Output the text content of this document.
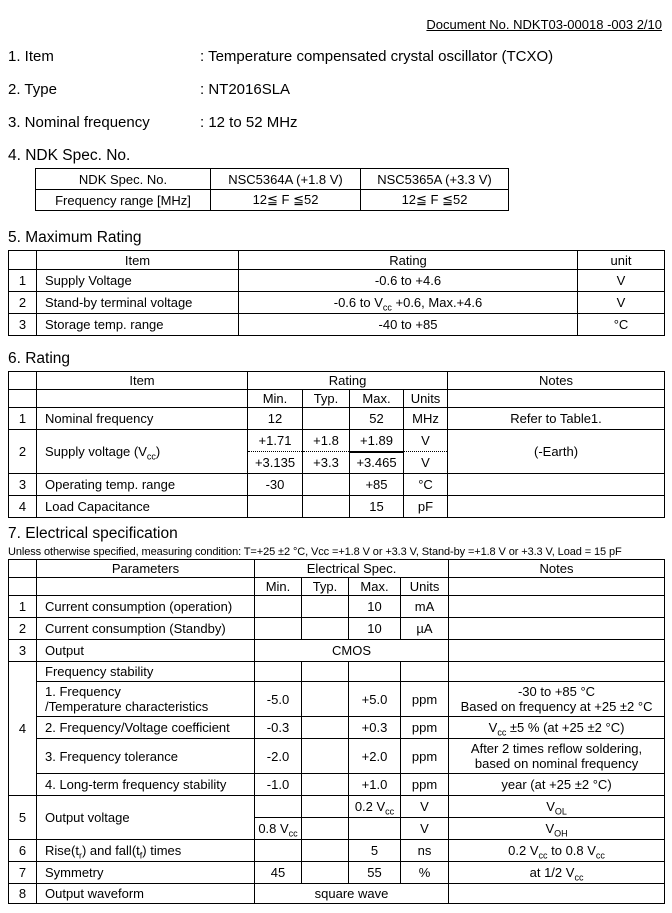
Document No. NDKT03-00018 -003 2/10
1. Item	: Temperature compensated crystal oscillator (TCXO)
2. Type	: NT2016SLA
3. Nominal frequency	: 12 to 52 MHz
4. NDK Spec. No.
NDK Spec. No.	NSC5364A (+1.8 V)	NSC5365A (+3.3 V)
Frequency range [MHz]	12≦ F ≦52	12≦ F ≦52
5. Maximum Rating
	Item	Rating	unit
1	Supply Voltage	-0.6 to +4.6	V
2	Stand-by terminal voltage	-0.6 to $V_{cc} +0.6$, Max.+4.6	V
3	Storage temp. range	-40 to +85	°C
6. Rating
	Item	Rating				Notes
		Min.	Typ.	Max.	Units	
1	Nominal frequency	12		52	MHz	Refer to Table1.
2	Supply voltage $(V_{cc})$	+1.71	+1.8	+1.89	V	(-Earth)
		+3.135	+3.3	+3.465	V	
3	Operating temp. range	-30		+85	°C	
4	Load Capacitance			15	pF	
7. Electrical specification
Unless otherwise specified, measuring condition: T=+25 ±2 °C, Vcc =+1.8 V or +3.3 V, Stand-by =+1.8 V or +3.3 V, Load = 15 pF
	Parameters	Electrical Spec.				Notes
		Min.	Typ.	Max.	Units	
1	Current consumption (operation)			10	mA	
2	Current consumption (Standby)			10	µA	
3	Output	CMOS				
4	Frequency stability					
	1. Frequency
/Temperature characteristics	-5.0		+5.0	ppm	-30 to +85 °C
Based on frequency at +25 ±2 °C
	2. Frequency/Voltage coefficient	-0.3		+0.3	ppm	$V_{cc} \pm 5$ % (at +25 ±2 °C)
	3. Frequency tolerance	-2.0		+2.0	ppm	After 2 times reflow soldering,
based on nominal frequency
	4. Long-term frequency stability	-1.0		+1.0	ppm	year (at +25 ±2 °C)
5	Output voltage			0.2 $V_{cc}$	V	$V_{OL}$
		0.8 $V_{cc}$			V	$V_{OH}$
6	$Rise(t_r)$ and $fall(t_f)$ times			5	ns	0.2 $V_{cc}$ to 0.8 $V_{cc}$
7	Symmetry	45		55	%	at 1/2 $V_{cc}$
8	Output waveform	square wave				
